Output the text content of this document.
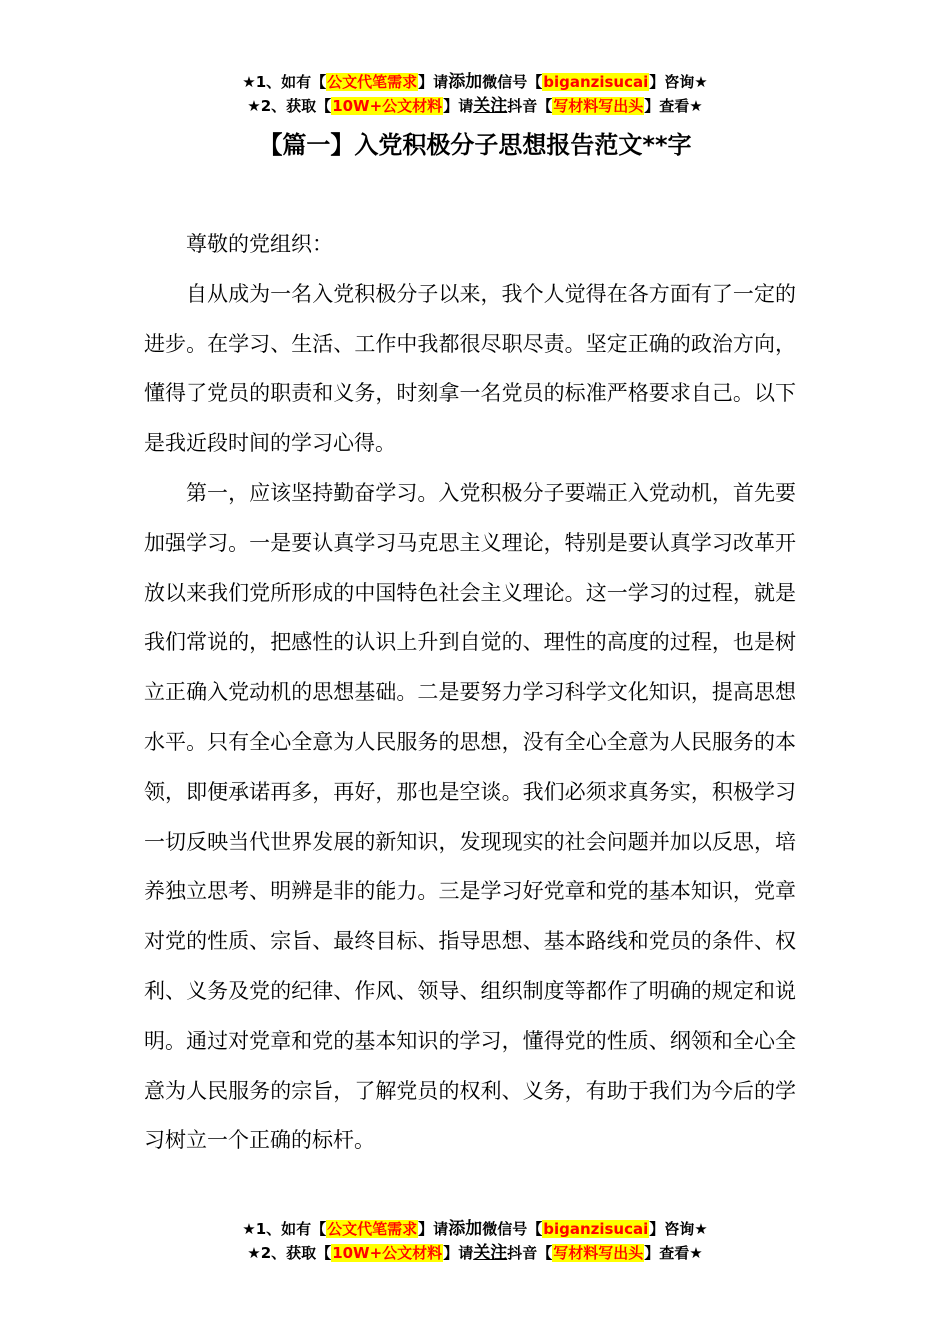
★1、如有【公文代笔需求】请添加微信号【biganzisucai】咨询★
★2、获取【10W+公文材料】请关注抖音【写材料写出头】查看★
【篇一】入党积极分子思想报告范文**字

尊敬的党组织：

自从成为一名入党积极分子以来，我个人觉得在各方面有了一定的进步。在学习、生活、工作中我都很尽职尽责。坚定正确的政治方向，懂得了党员的职责和义务，时刻拿一名党员的标准严格要求自己。以下是我近段时间的学习心得。

第一，应该坚持勤奋学习。入党积极分子要端正入党动机，首先要加强学习。一是要认真学习马克思主义理论，特别是要认真学习改革开放以来我们党所形成的中国特色社会主义理论。这一学习的过程，就是我们常说的，把感性的认识上升到自觉的、理性的高度的过程，也是树立正确入党动机的思想基础。二是要努力学习科学文化知识，提高思想水平。只有全心全意为人民服务的思想，没有全心全意为人民服务的本领，即便承诺再多，再好，那也是空谈。我们必须求真务实，积极学习一切反映当代世界发展的新知识，发现现实的社会问题并加以反思，培养独立思考、明辨是非的能力。三是学习好党章和党的基本知识，党章对党的性质、宗旨、最终目标、指导思想、基本路线和党员的条件、权利、义务及党的纪律、作风、领导、组织制度等都作了明确的规定和说明。通过对党章和党的基本知识的学习，懂得党的性质、纲领和全心全意为人民服务的宗旨，了解党员的权利、义务，有助于我们为今后的学习树立一个正确的标杆。

★1、如有【公文代笔需求】请添加微信号【biganzisucai】咨询★
★2、获取【10W+公文材料】请关注抖音【写材料写出头】查看★
